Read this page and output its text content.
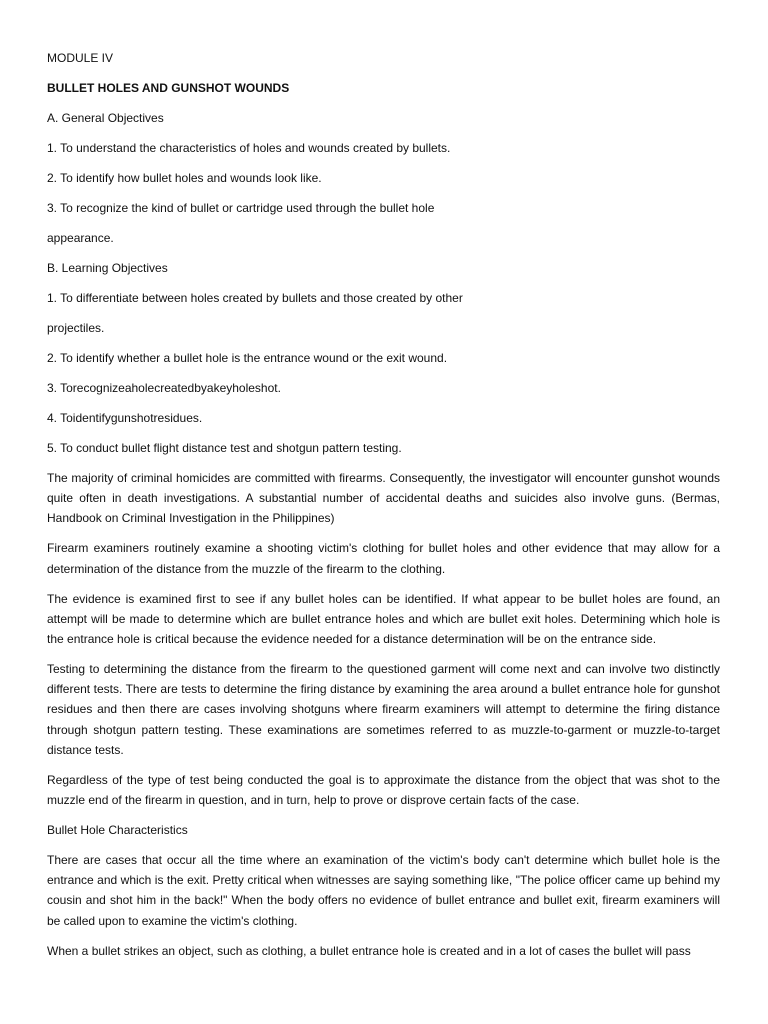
MODULE IV
BULLET HOLES AND GUNSHOT WOUNDS
A. General Objectives
1. To understand the characteristics of holes and wounds created by bullets.
2. To identify how bullet holes and wounds look like.
3. To recognize the kind of bullet or cartridge used through the bullet hole
appearance.
B. Learning Objectives
1. To differentiate between holes created by bullets and those created by other
projectiles.
2. To identify whether a bullet hole is the entrance wound or the exit wound.
3. Torecognizeaholecreatedbyakeyholeshot.
4. Toidentifygunshotresidues.
5. To conduct bullet flight distance test and shotgun pattern testing.

The majority of criminal homicides are committed with firearms. Consequently, the investigator will encounter gunshot wounds quite often in death investigations. A substantial number of accidental deaths and suicides also involve guns. (Bermas, Handbook on Criminal Investigation in the Philippines)

Firearm examiners routinely examine a shooting victim's clothing for bullet holes and other evidence that may allow for a determination of the distance from the muzzle of the firearm to the clothing.

The evidence is examined first to see if any bullet holes can be identified. If what appear to be bullet holes are found, an attempt will be made to determine which are bullet entrance holes and which are bullet exit holes. Determining which hole is the entrance hole is critical because the evidence needed for a distance determination will be on the entrance side.

Testing to determining the distance from the firearm to the questioned garment will come next and can involve two distinctly different tests. There are tests to determine the firing distance by examining the area around a bullet entrance hole for gunshot residues and then there are cases involving shotguns where firearm examiners will attempt to determine the firing distance through shotgun pattern testing. These examinations are sometimes referred to as muzzle-to-garment or muzzle-to-target distance tests.

Regardless of the type of test being conducted the goal is to approximate the distance from the object that was shot to the muzzle end of the firearm in question, and in turn, help to prove or disprove certain facts of the case.

Bullet Hole Characteristics

There are cases that occur all the time where an examination of the victim's body can't determine which bullet hole is the entrance and which is the exit. Pretty critical when witnesses are saying something like, "The police officer came up behind my cousin and shot him in the back!" When the body offers no evidence of bullet entrance and bullet exit, firearm examiners will be called upon to examine the victim's clothing.

When a bullet strikes an object, such as clothing, a bullet entrance hole is created and in a lot of cases the bullet will pass
